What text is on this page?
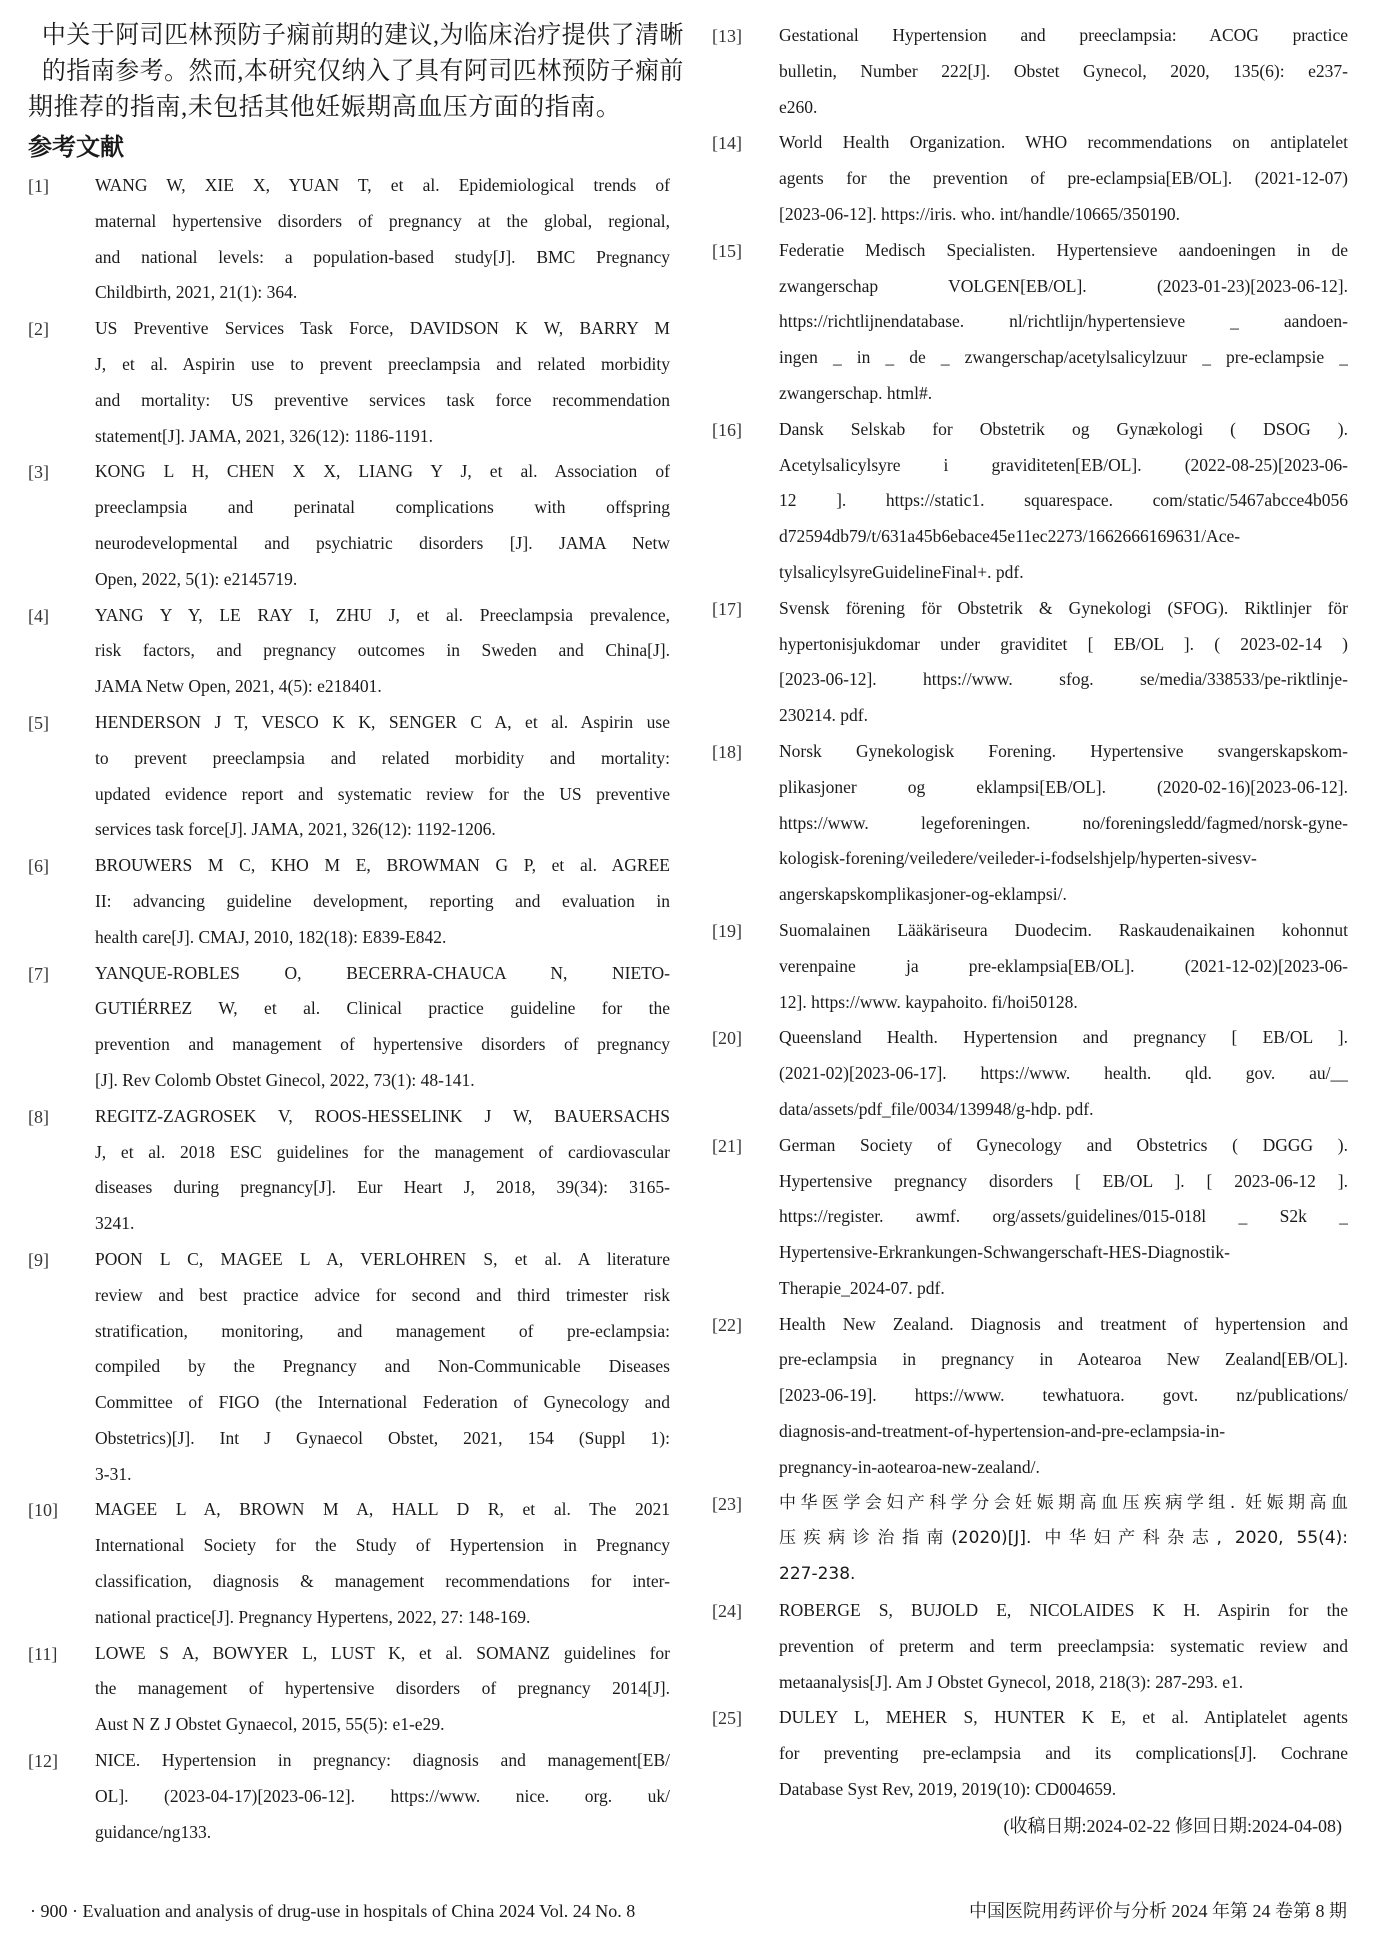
中关于阿司匹林预防子痫前期的建议,为临床治疗提供了清晰
的指南参考。然而,本研究仅纳入了具有阿司匹林预防子痫前
期推荐的指南,未包括其他妊娠期高血压方面的指南。
参考文献
[1]	WANG W, XIE X, YUAN T, et al. Epidemiological trends of
maternal hypertensive disorders of pregnancy at the global, regional,
and national levels: a population-based study[J]. BMC Pregnancy
Childbirth, 2021, 21(1): 364.
[2]	US Preventive Services Task Force, DAVIDSON K W, BARRY M
J, et al. Aspirin use to prevent preeclampsia and related morbidity
and mortality: US preventive services task force recommendation
statement[J]. JAMA, 2021, 326(12): 1186-1191.
[3]	KONG L H, CHEN X X, LIANG Y J, et al. Association of
preeclampsia and perinatal complications with offspring
neurodevelopmental and psychiatric disorders [J]. JAMA Netw
Open, 2022, 5(1): e2145719.
[4]	YANG Y Y, LE RAY I, ZHU J, et al. Preeclampsia prevalence,
risk factors, and pregnancy outcomes in Sweden and China[J].
JAMA Netw Open, 2021, 4(5): e218401.
[5]	HENDERSON J T, VESCO K K, SENGER C A, et al. Aspirin use
to prevent preeclampsia and related morbidity and mortality:
updated evidence report and systematic review for the US preventive
services task force[J]. JAMA, 2021, 326(12): 1192-1206.
[6]	BROUWERS M C, KHO M E, BROWMAN G P, et al. AGREE
II: advancing guideline development, reporting and evaluation in
health care[J]. CMAJ, 2010, 182(18): E839-E842.
[7]	YANQUE-ROBLES O, BECERRA-CHAUCA N, NIETO-
GUTIÉRREZ W, et al. Clinical practice guideline for the
prevention and management of hypertensive disorders of pregnancy
[J]. Rev Colomb Obstet Ginecol, 2022, 73(1): 48-141.
[8]	REGITZ-ZAGROSEK V, ROOS-HESSELINK J W, BAUERSACHS
J, et al. 2018 ESC guidelines for the management of cardiovascular
diseases during pregnancy[J]. Eur Heart J, 2018, 39(34): 3165-
3241.
[9]	POON L C, MAGEE L A, VERLOHREN S, et al. A literature
review and best practice advice for second and third trimester risk
stratification, monitoring, and management of pre-eclampsia:
compiled by the Pregnancy and Non-Communicable Diseases
Committee of FIGO (the International Federation of Gynecology and
Obstetrics)[J]. Int J Gynaecol Obstet, 2021, 154 (Suppl 1):
3-31.
[10] MAGEE L A, BROWN M A, HALL D R, et al. The 2021
International Society for the Study of Hypertension in Pregnancy
classification, diagnosis & management recommendations for inter-
national practice[J]. Pregnancy Hypertens, 2022, 27: 148-169.
[11] LOWE S A, BOWYER L, LUST K, et al. SOMANZ guidelines for
the management of hypertensive disorders of pregnancy 2014[J].
Aust N Z J Obstet Gynaecol, 2015, 55(5): e1-e29.
[12] NICE. Hypertension in pregnancy: diagnosis and management[EB/
OL]. (2023-04-17)[2023-06-12]. https://www. nice. org. uk/
guidance/ng133.
[13] Gestational Hypertension and preeclampsia: ACOG practice
bulletin, Number 222[J]. Obstet Gynecol, 2020, 135(6): e237-
e260.
[14] World Health Organization. WHO recommendations on antiplatelet
agents for the prevention of pre-eclampsia[EB/OL]. (2021-12-07)
[2023-06-12]. https://iris. who. int/handle/10665/350190.
[15] Federatie Medisch Specialisten. Hypertensieve aandoeningen in de
zwangerschap VOLGEN[EB/OL]. (2023-01-23)[2023-06-12].
https://richtlijnendatabase. nl/richtlijn/hypertensieve _ aandoen-
ingen _ in _ de _ zwangerschap/acetylsalicylzuur _ pre-eclampsie _
zwangerschap. html#.
[16] Dansk Selskab for Obstetrik og Gynækologi ( DSOG ).
Acetylsalicylsyre i graviditeten[EB/OL]. (2022-08-25)[2023-06-
12 ]. https://static1. squarespace. com/static/5467abcce4b056
d72594db79/t/631a45b6ebace45e11ec2273/1662666169631/Ace-
tylsalicylsyreGuidelineFinal+. pdf.
[17] Svensk förening för Obstetrik & Gynekologi (SFOG). Riktlinjer för
hypertonisjukdomar under graviditet [ EB/OL ]. ( 2023-02-14 )
[2023-06-12]. https://www. sfog. se/media/338533/pe-riktlinje-
230214. pdf.
[18] Norsk Gynekologisk Forening. Hypertensive svangerskapskom-
plikasjoner og eklampsi[EB/OL]. (2020-02-16)[2023-06-12].
https://www. legeforeningen. no/foreningsledd/fagmed/norsk-gyne-
kologisk-forening/veiledere/veileder-i-fodselshjelp/hyperten-sivesv-
angerskapskomplikasjoner-og-eklampsi/.
[19] Suomalainen Lääkäriseura Duodecim. Raskaudenaikainen kohonnut
verenpaine ja pre-eklampsia[EB/OL]. (2021-12-02)[2023-06-
12]. https://www. kaypahoito. fi/hoi50128.
[20] Queensland Health. Hypertension and pregnancy [ EB/OL ].
(2021-02)[2023-06-17]. https://www. health. qld. gov. au/__
data/assets/pdf_file/0034/139948/g-hdp. pdf.
[21] German Society of Gynecology and Obstetrics ( DGGG ).
Hypertensive pregnancy disorders [ EB/OL ]. [ 2023-06-12 ].
https://register. awmf. org/assets/guidelines/015-018l _ S2k _
Hypertensive-Erkrankungen-Schwangerschaft-HES-Diagnostik-
Therapie_2024-07. pdf.
[22] Health New Zealand. Diagnosis and treatment of hypertension and
pre-eclampsia in pregnancy in Aotearoa New Zealand[EB/OL].
[2023-06-19]. https://www. tewhatuora. govt. nz/publications/
diagnosis-and-treatment-of-hypertension-and-pre-eclampsia-in-
pregnancy-in-aotearoa-new-zealand/.
[23] 中华医学会妇产科学分会妊娠期高血压疾病学组. 妊娠期高血
压疾病诊治指南(2020)[J]. 中华妇产科杂志, 2020, 55(4):
227-238.
[24] ROBERGE S, BUJOLD E, NICOLAIDES K H. Aspirin for the
prevention of preterm and term preeclampsia: systematic review and
metaanalysis[J]. Am J Obstet Gynecol, 2018, 218(3): 287-293. e1.
[25] DULEY L, MEHER S, HUNTER K E, et al. Antiplatelet agents
for preventing pre-eclampsia and its complications[J]. Cochrane
Database Syst Rev, 2019, 2019(10): CD004659.
(收稿日期:2024-02-22 修回日期:2024-04-08)
· 900 · Evaluation and analysis of drug-use in hospitals of China 2024 Vol. 24 No. 8	中国医院用药评价与分析 2024 年第 24 卷第 8 期
